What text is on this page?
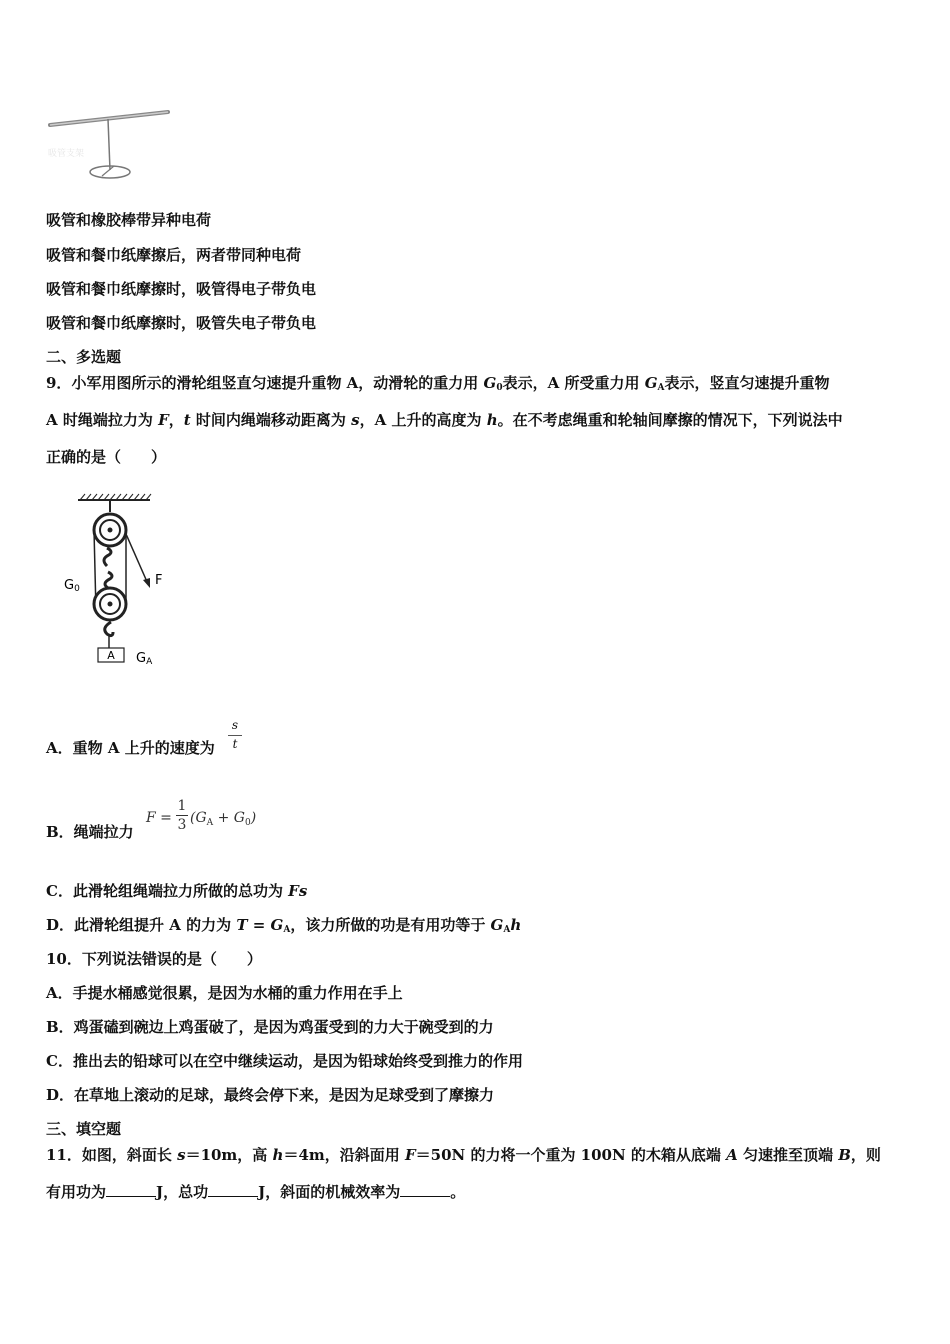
吸管支架
吸管和橡胶棒带异种电荷
吸管和餐巾纸摩擦后，两者带同种电荷
吸管和餐巾纸摩擦时，吸管得电子带负电
吸管和餐巾纸摩擦时，吸管失电子带负电
二、多选题
9．小军用图所示的滑轮组竖直匀速提升重物 A，动滑轮的重力用 $G_0$表示，A 所受重力用 $G_A$表示，竖直匀速提升重物
A 时绳端拉力为 F，t 时间内绳端移动距离为 s，A 上升的高度为 h。在不考虑绳重和轮轴间摩擦的情况下，下列说法中
正确的是（　　）
A
G0
F
GA
A．重物 A 上升的速度为
s
t
B．绳端拉力
F =
1
3 $(G_A + G_0)$
C．此滑轮组绳端拉力所做的总功为 Fs
D．此滑轮组提升 A 的力为 $T = G_A$，该力所做的功是有用功等于 $G_Ah$
10．下列说法错误的是（　　）
A．手提水桶感觉很累，是因为水桶的重力作用在手上
B．鸡蛋磕到碗边上鸡蛋破了，是因为鸡蛋受到的力大于碗受到的力
C．推出去的铅球可以在空中继续运动，是因为铅球始终受到推力的作用
D．在草地上滚动的足球，最终会停下来，是因为足球受到了摩擦力
三、填空题
11．如图，斜面长 s＝10m，高 h＝4m，沿斜面用 F＝50N 的力将一个重为 100N 的木箱从底端 A 匀速推至顶端 B，则
有用功为	J，总功	J，斜面的机械效率为	。
